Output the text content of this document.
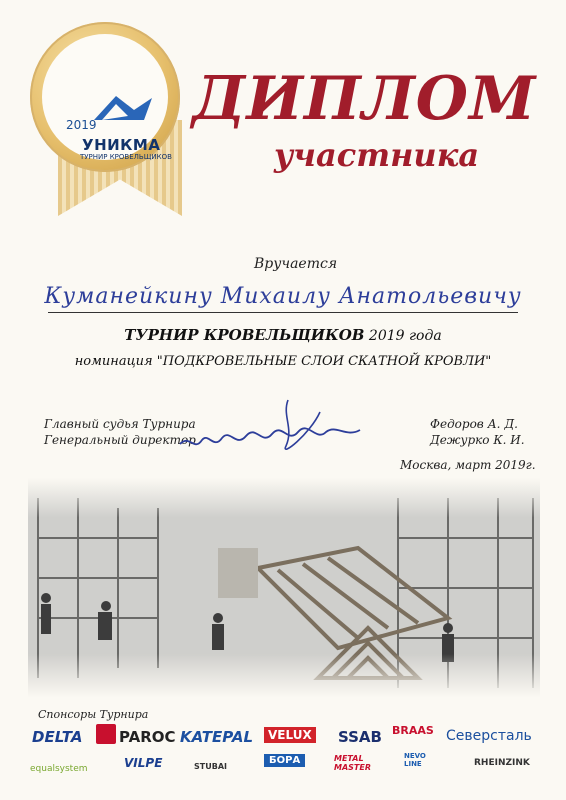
2019
УНИКМА
ТУРНИР КРОВЕЛЬЩИКОВ
ДИПЛОМ
участника
Вручается
Куманейкину Михаилу Анатольевичу
ТУРНИР КРОВЕЛЬЩИКОВ 2019 года
номинация "ПОДКРОВЕЛЬНЫЕ СЛОИ СКАТНОЙ КРОВЛИ"
Главный судья Турнира
Генеральный директор
Федоров А. Д.
Дежурко К. И.
Москва, март 2019г.
Спонсоры Турнира
DELTA PAROC KATEPAL	VELUX SSAB BRAAS Северсталь
equalsystem	VILPE	STUBAI
БОРА	METAL MASTER
NEVO LINE	RHEINZINK
